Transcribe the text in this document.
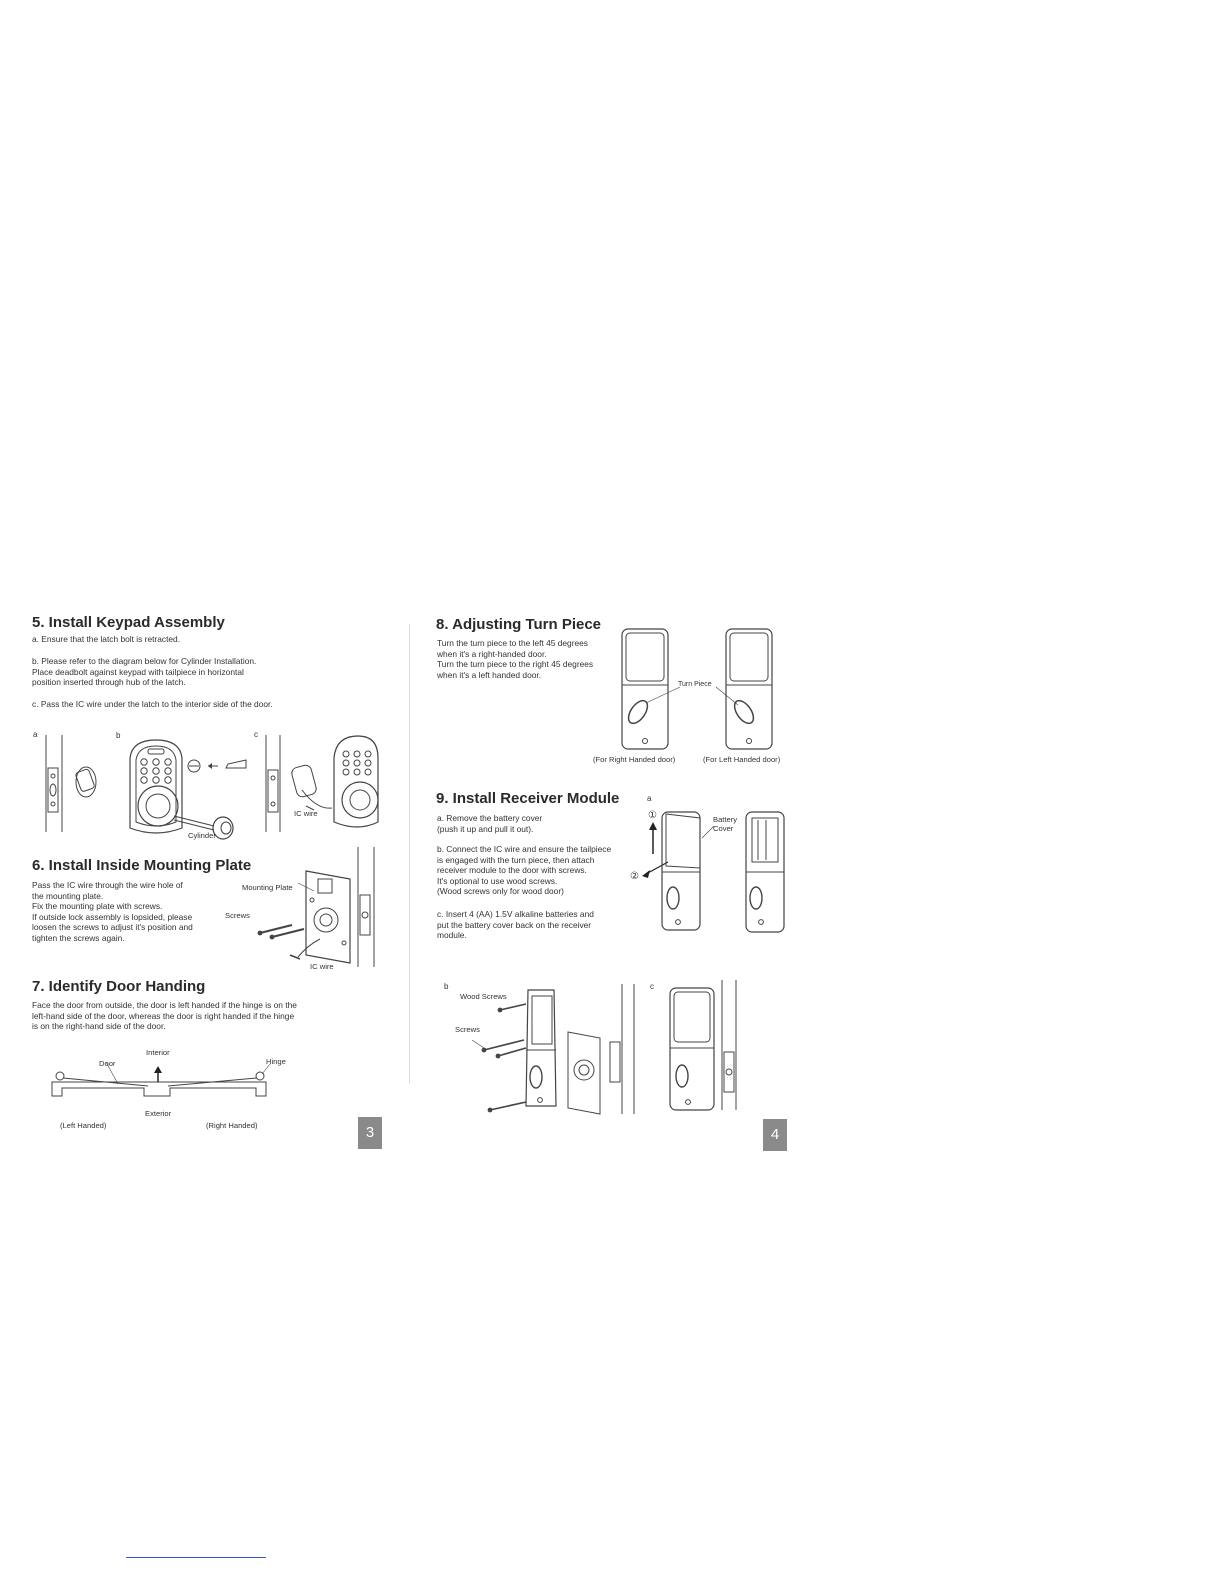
5. Install Keypad Assembly
a. Ensure that the latch bolt is retracted.
b. Please refer to the diagram below for Cylinder Installation.
Place deadbolt against keypad with tailpiece in horizontal
position inserted through hub of the latch.
c. Pass the IC wire under the latch to the interior side of the door.
a	b	c
Cylinder
IC wire
6. Install Inside Mounting Plate
Pass the IC wire through the wire hole of
the mounting plate.
Fix the mounting plate with screws.
If outside lock assembly is lopsided, please
loosen the screws to adjust it's position and
tighten the screws again.
Mounting Plate
Screws
IC wire
7. Identify Door Handing
Face the door from outside, the door is left handed if the hinge is on the
left-hand side of the door, whereas the door is right handed if the hinge
is on the right-hand side of the door.
Interior
Door	Hinge
Exterior
(Left Handed)	(Right Handed)	3
8. Adjusting Turn Piece
Turn the turn piece to the left 45 degrees
when it's a right-handed door.
Turn the turn piece to the right 45 degrees
when it's a left handed door.
Turn Piece
(For Right Handed door)	(For Left Handed door)
9. Install Receiver Module
a. Remove the battery cover
(push it up and pull it out).
b. Connect the IC wire and ensure the tailpiece
is engaged with the turn piece, then attach
receiver module to the door with screws.
It's optional to use wood screws.
(Wood screws only for wood door)
c. Insert 4 (AA) 1.5V alkaline batteries and
put the battery cover back on the receiver
module.
a
①
②
Battery
Cover
b	c
Wood Screws
Screws
4
